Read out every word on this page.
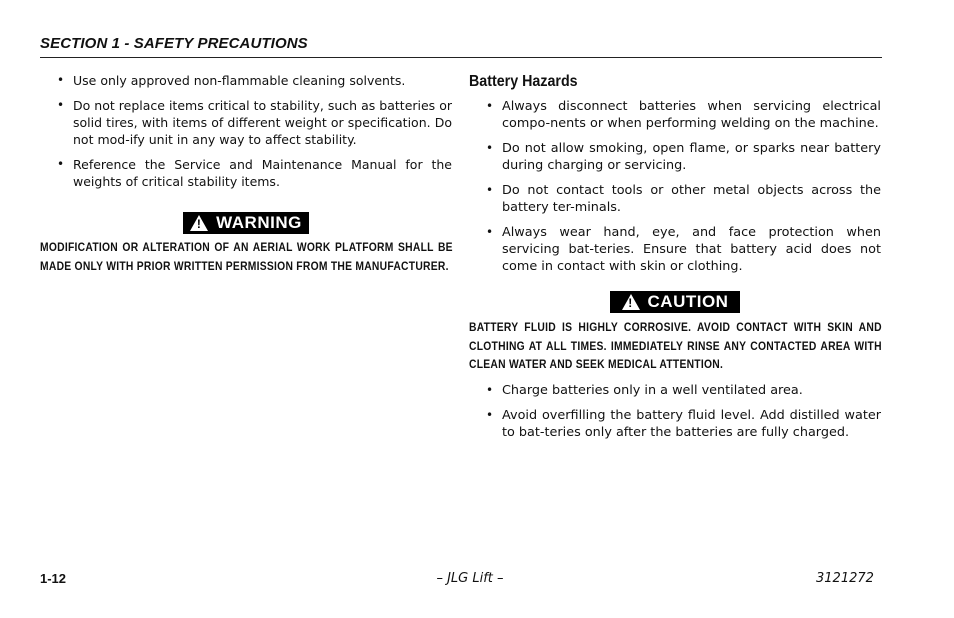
SECTION 1 - SAFETY PRECAUTIONS
• Use only approved non-flammable cleaning solvents.
• Do not replace items critical to stability, such as batteries or solid tires, with items of different weight or specification. Do not mod-ify unit in any way to affect stability.
• Reference the Service and Maintenance Manual for the weights of critical stability items.
! WARNING
MODIFICATION OR ALTERATION OF AN AERIAL WORK PLATFORM SHALL BE MADE ONLY WITH PRIOR WRITTEN PERMISSION FROM THE MANUFACTURER.
Battery Hazards
• Always disconnect batteries when servicing electrical compo-nents or when performing welding on the machine.
• Do not allow smoking, open flame, or sparks near battery during charging or servicing.
• Do not contact tools or other metal objects across the battery ter-minals.
• Always wear hand, eye, and face protection when servicing bat-teries. Ensure that battery acid does not come in contact with skin or clothing.
! CAUTION
BATTERY FLUID IS HIGHLY CORROSIVE. AVOID CONTACT WITH SKIN AND CLOTHING AT ALL TIMES. IMMEDIATELY RINSE ANY CONTACTED AREA WITH CLEAN WATER AND SEEK MEDICAL ATTENTION.
• Charge batteries only in a well ventilated area.
• Avoid overfilling the battery fluid level. Add distilled water to bat-teries only after the batteries are fully charged.
1-12	– JLG Lift –	3121272
